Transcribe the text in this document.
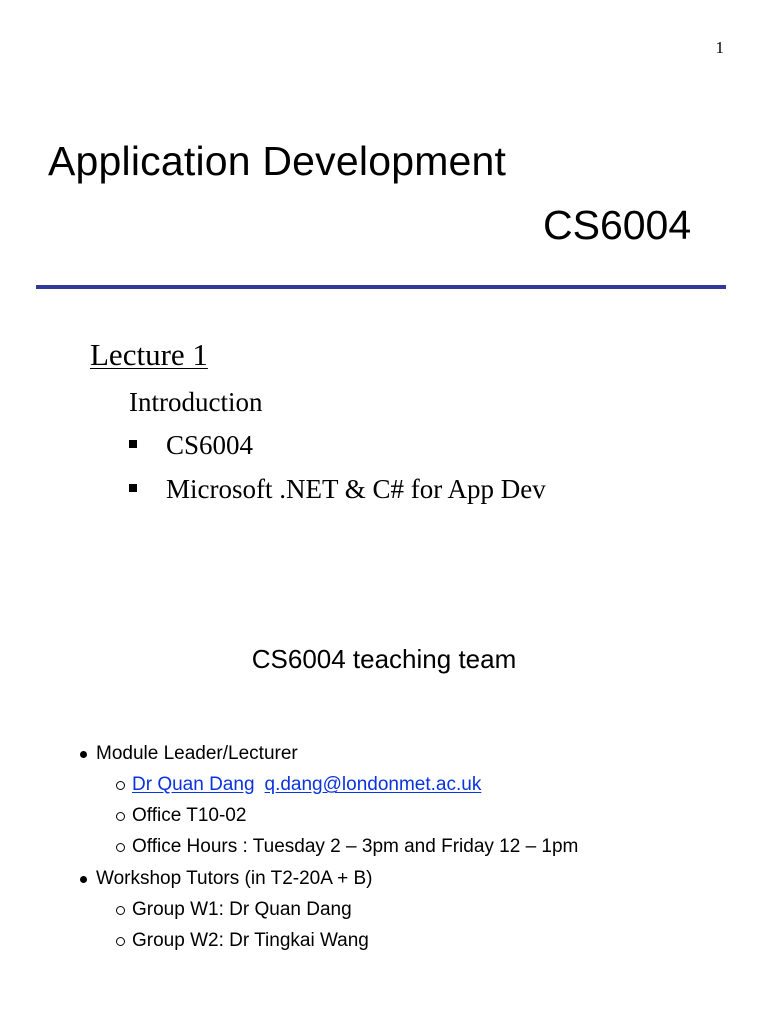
1
Application Development
CS6004
Lecture 1
Introduction
CS6004
Microsoft .NET & C# for App Dev
CS6004 teaching team
Module Leader/Lecturer
Dr Quan Dang q.dang@londonmet.ac.uk
Office T10-02
Office Hours : Tuesday 2 – 3pm and Friday 12 – 1pm
Workshop Tutors (in T2-20A + B)
Group W1: Dr Quan Dang
Group W2: Dr Tingkai Wang
